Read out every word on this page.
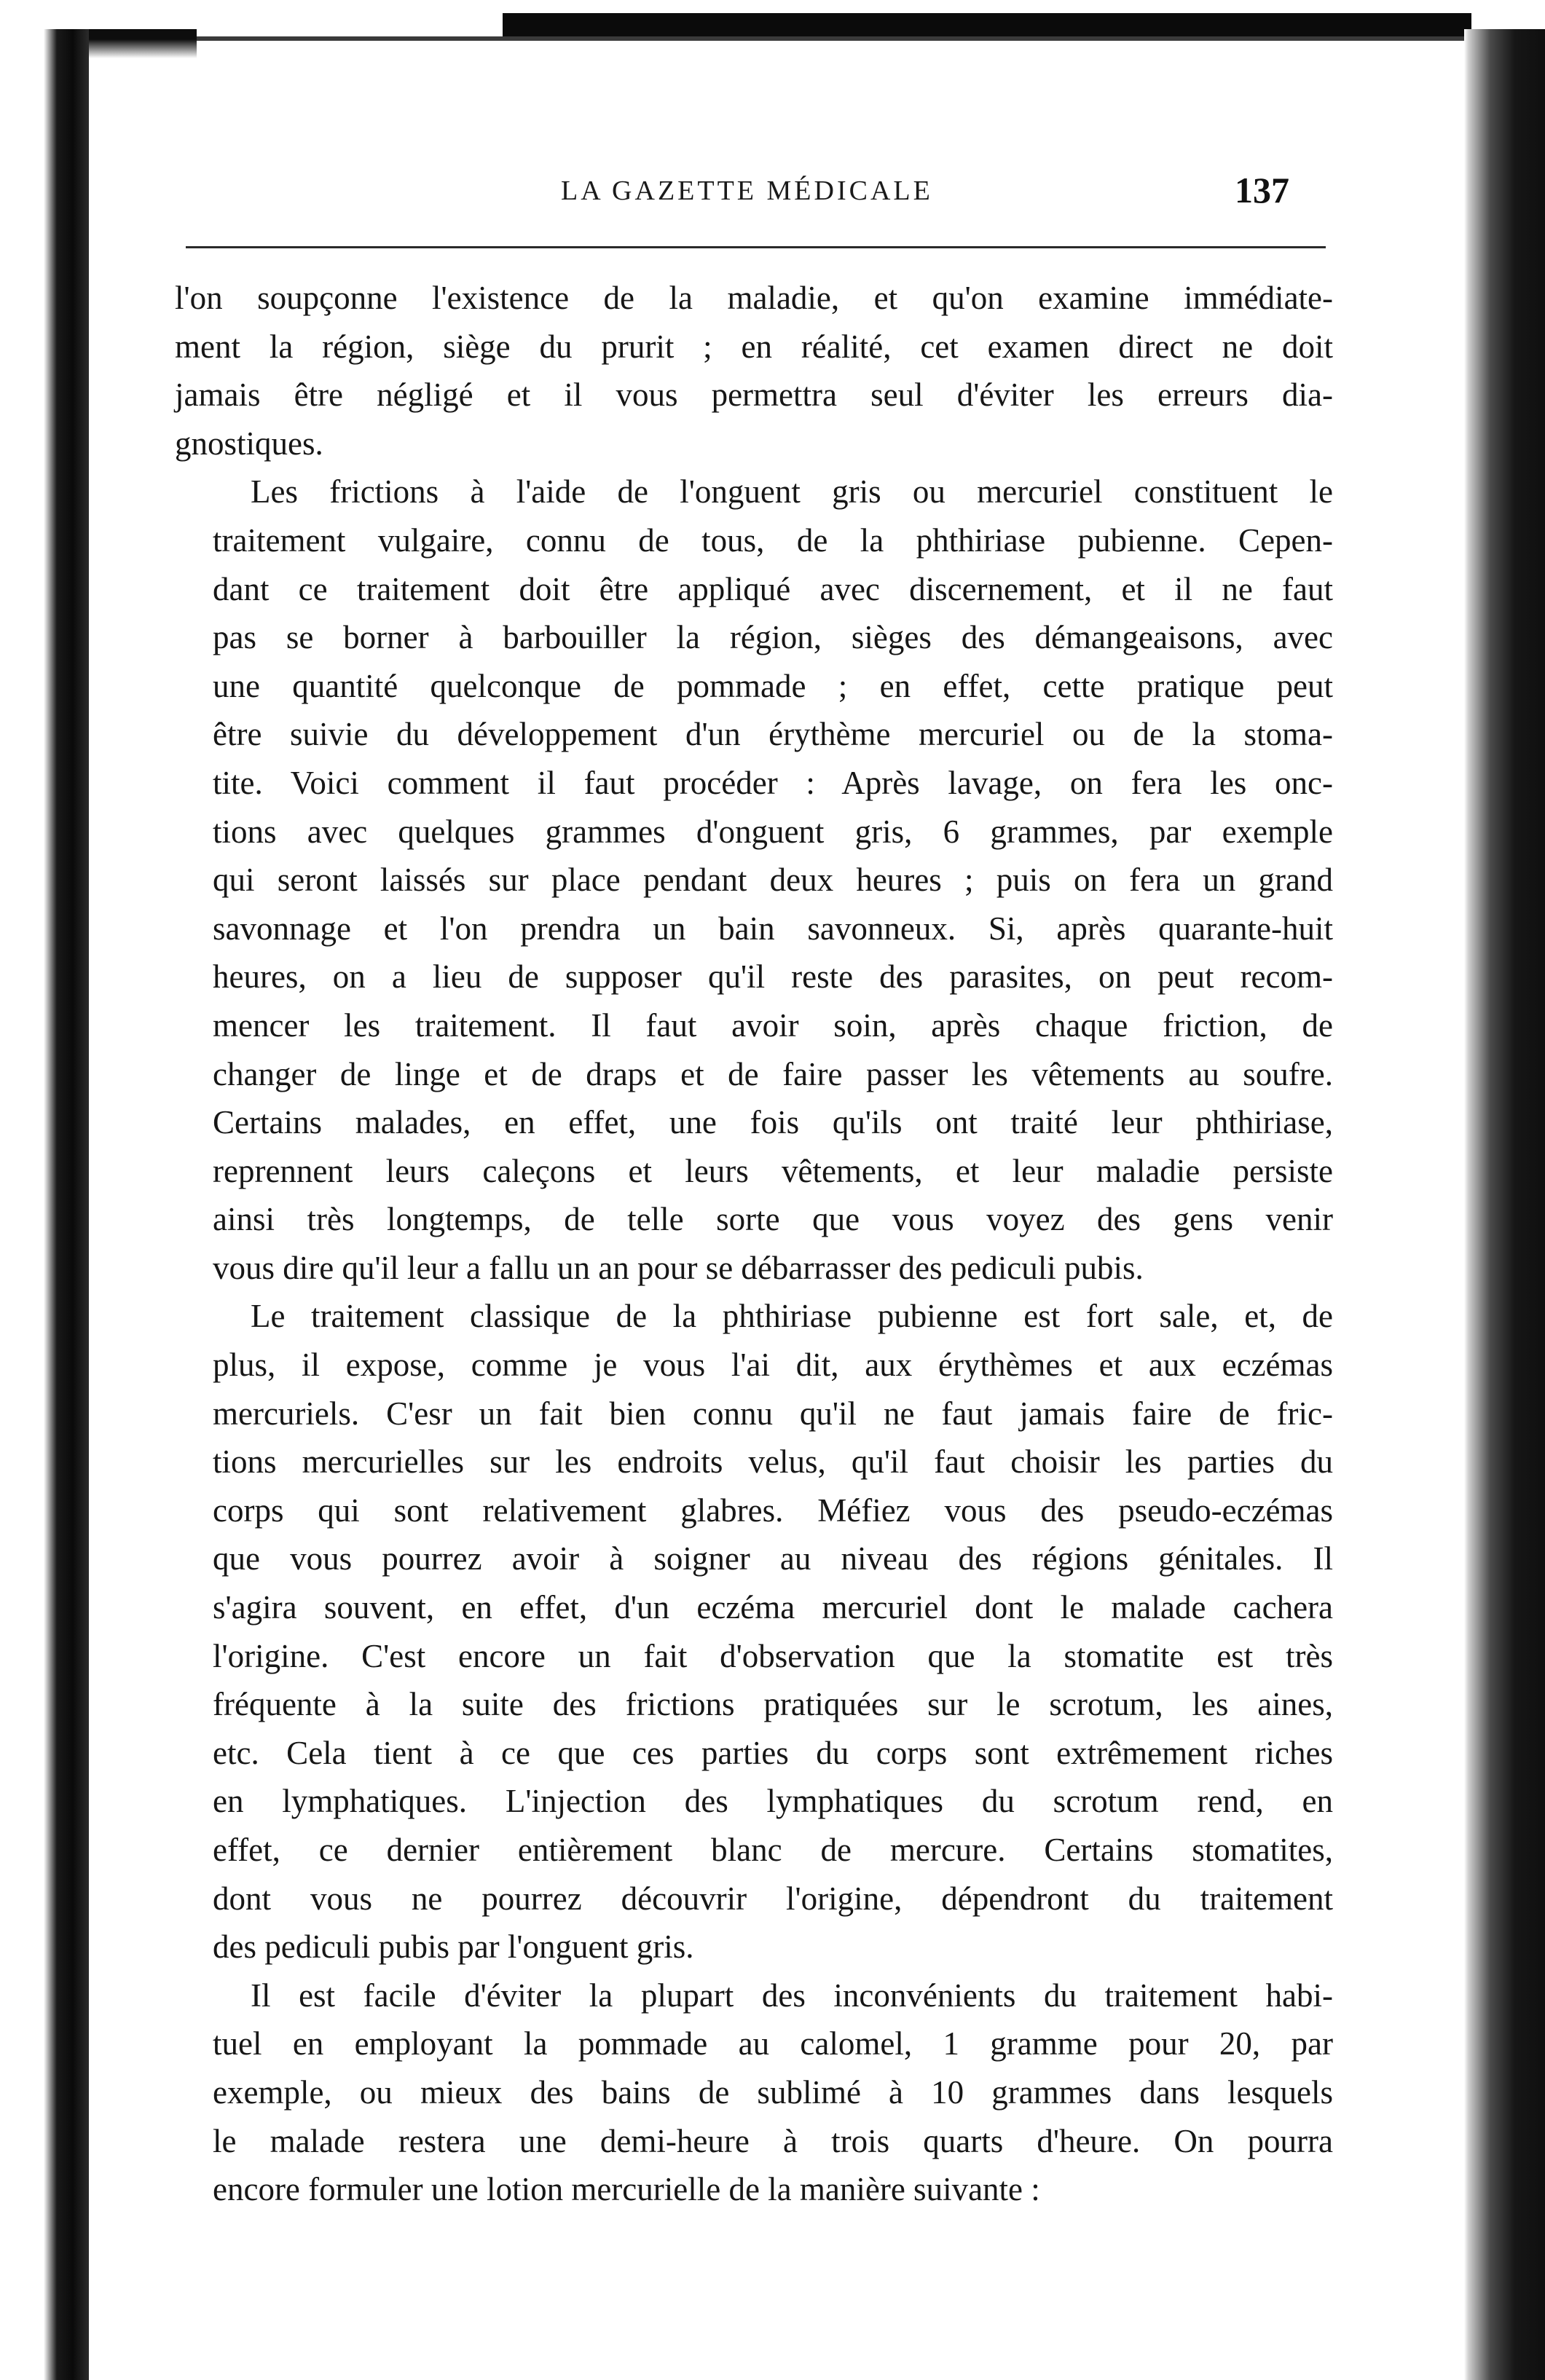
LA GAZETTE MÉDICALE	137
l'on soupçonne l'existence de la maladie, et qu'on examine immédiate-
ment la région, siège du prurit ; en réalité, cet examen direct ne doit
jamais être négligé et il vous permettra seul d'éviter les erreurs dia-
gnostiques.
Les frictions à l'aide de l'onguent gris ou mercuriel constituent le
traitement vulgaire, connu de tous, de la phthiriase pubienne. Cepen-
dant ce traitement doit être appliqué avec discernement, et il ne faut
pas se borner à barbouiller la région, sièges des démangeaisons, avec
une quantité quelconque de pommade ; en effet, cette pratique peut
être suivie du développement d'un érythème mercuriel ou de la stoma-
tite. Voici comment il faut procéder : Après lavage, on fera les onc-
tions avec quelques grammes d'onguent gris, 6 grammes, par exemple
qui seront laissés sur place pendant deux heures ; puis on fera un grand
savonnage et l'on prendra un bain savonneux. Si, après quarante-huit
heures, on a lieu de supposer qu'il reste des parasites, on peut recom-
mencer les traitement. Il faut avoir soin, après chaque friction, de
changer de linge et de draps et de faire passer les vêtements au soufre.
Certains malades, en effet, une fois qu'ils ont traité leur phthiriase,
reprennent leurs caleçons et leurs vêtements, et leur maladie persiste
ainsi très longtemps, de telle sorte que vous voyez des gens venir
vous dire qu'il leur a fallu un an pour se débarrasser des pediculi pubis.
Le traitement classique de la phthiriase pubienne est fort sale, et, de
plus, il expose, comme je vous l'ai dit, aux érythèmes et aux eczémas
mercuriels. C'esr un fait bien connu qu'il ne faut jamais faire de fric-
tions mercurielles sur les endroits velus, qu'il faut choisir les parties du
corps qui sont relativement glabres. Méfiez vous des pseudo-eczémas
que vous pourrez avoir à soigner au niveau des régions génitales. Il
s'agira souvent, en effet, d'un eczéma mercuriel dont le malade cachera
l'origine. C'est encore un fait d'observation que la stomatite est très
fréquente à la suite des frictions pratiquées sur le scrotum, les aines,
etc. Cela tient à ce que ces parties du corps sont extrêmement riches
en lymphatiques. L'injection des lymphatiques du scrotum rend, en
effet, ce dernier entièrement blanc de mercure. Certains stomatites,
dont vous ne pourrez découvrir l'origine, dépendront du traitement
des pediculi pubis par l'onguent gris.
Il est facile d'éviter la plupart des inconvénients du traitement habi-
tuel en employant la pommade au calomel, 1 gramme pour 20, par
exemple, ou mieux des bains de sublimé à 10 grammes dans lesquels
le malade restera une demi-heure à trois quarts d'heure. On pourra
encore formuler une lotion mercurielle de la manière suivante :
